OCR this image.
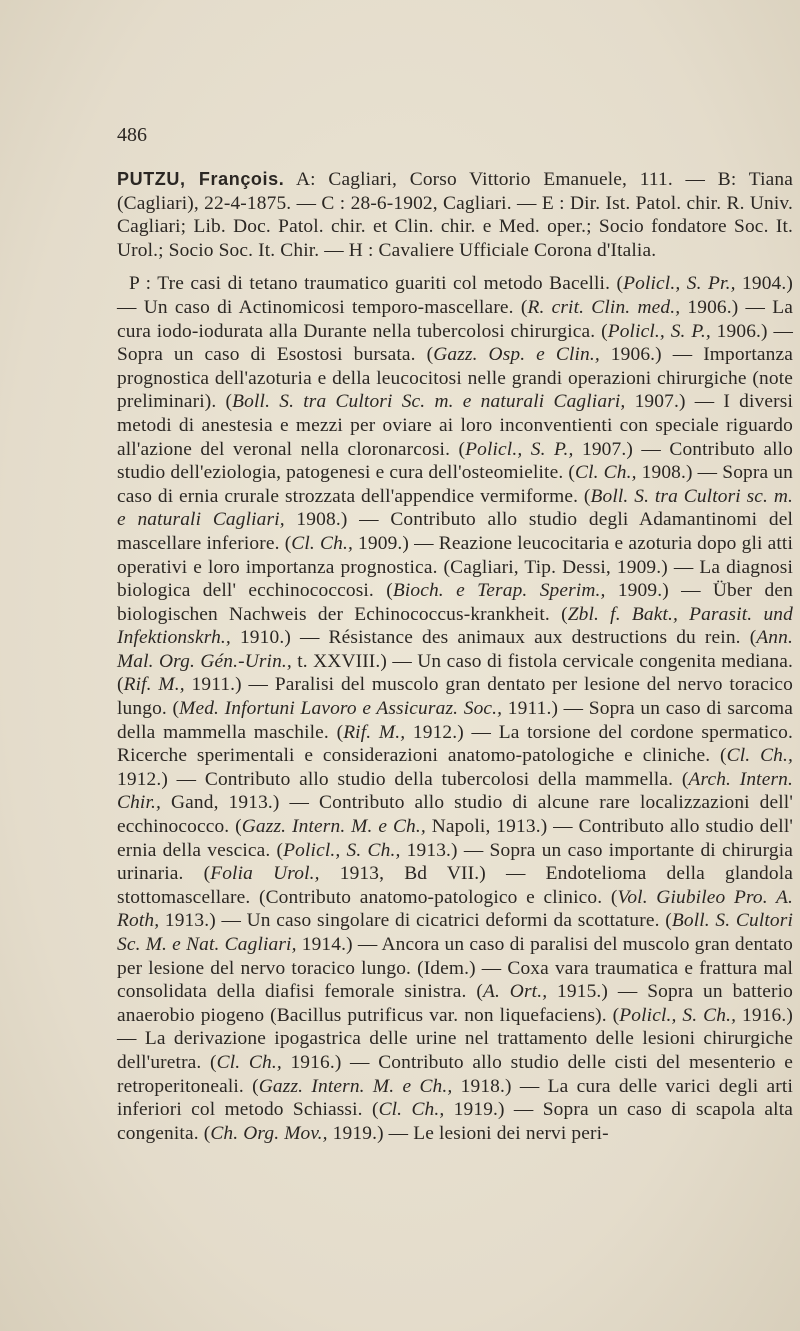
486

PUTZU, François. A: Cagliari, Corso Vittorio Emanuele, 111. — B: Tiana (Cagliari), 22-4-1875. — C : 28-6-1902, Cagliari. — E : Dir. Ist. Patol. chir. R. Univ. Cagliari; Lib. Doc. Patol. chir. et Clin. chir. e Med. oper.; Socio fondatore Soc. It. Urol.; Socio Soc. It. Chir. — H : Cavaliere Ufficiale Corona d'Italia.

P : Tre casi di tetano traumatico guariti col metodo Bacelli. (Policl., S. Pr., 1904.) — Un caso di Actinomicosi temporo-mascellare. (R. crit. Clin. med., 1906.) — La cura iodo-iodurata alla Durante nella tubercolosi chirurgica. (Policl., S. P., 1906.) — Sopra un caso di Esostosi bursata. (Gazz. Osp. e Clin., 1906.) — Importanza prognostica dell'azoturia e della leucocitosi nelle grandi operazioni chirurgiche (note preliminari). (Boll. S. tra Cultori Sc. m. e naturali Cagliari, 1907.) — I diversi metodi di anestesia e mezzi per oviare ai loro inconventienti con speciale riguardo all'azione del veronal nella cloronarcosi. (Policl., S. P., 1907.) — Contributo allo studio dell'eziologia, patogenesi e cura dell'osteomielite. (Cl. Ch., 1908.) — Sopra un caso di ernia crurale strozzata dell'appendice vermiforme. (Boll. S. tra Cultori sc. m. e naturali Cagliari, 1908.) — Contributo allo studio degli Adamantinomi del mascellare inferiore. (Cl. Ch., 1909.) — Reazione leucocitaria e azoturia dopo gli atti operativi e loro importanza prognostica. (Cagliari, Tip. Dessi, 1909.) — La diagnosi biologica dell' ecchinococcosi. (Bioch. e Terap. Sperim., 1909.) — Über den biologischen Nachweis der Echinococcus-krankheit. (Zbl. f. Bakt., Parasit. und Infektionskrh., 1910.) — Résistance des animaux aux destructions du rein. (Ann. Mal. Org. Gén.-Urin., t. XXVIII.) — Un caso di fistola cervicale congenita mediana. (Rif. M., 1911.) — Paralisi del muscolo gran dentato per lesione del nervo toracico lungo. (Med. Infortuni Lavoro e Assicuraz. Soc., 1911.) — Sopra un caso di sarcoma della mammella maschile. (Rif. M., 1912.) — La torsione del cordone spermatico. Ricerche sperimentali e considerazioni anatomo-patologiche e cliniche. (Cl. Ch., 1912.) — Contributo allo studio della tubercolosi della mammella. (Arch. Intern. Chir., Gand, 1913.) — Contributo allo studio di alcune rare localizzazioni dell' ecchinococco. (Gazz. Intern. M. e Ch., Napoli, 1913.) — Contributo allo studio dell' ernia della vescica. (Policl., S. Ch., 1913.) — Sopra un caso importante di chirurgia urinaria. (Folia Urol., 1913, Bd VII.) — Endotelioma della glandola stottomascellare. (Contributo anatomo-patologico e clinico. (Vol. Giubileo Pro. A. Roth, 1913.) — Un caso singolare di cicatrici deformi da scottature. (Boll. S. Cultori Sc. M. e Nat. Cagliari, 1914.) — Ancora un caso di paralisi del muscolo gran dentato per lesione del nervo toracico lungo. (Idem.) — Coxa vara traumatica e frattura mal consolidata della diafisi femorale sinistra. (A. Ort., 1915.) — Sopra un batterio anaerobio piogeno (Bacillus putrificus var. non liquefaciens). (Policl., S. Ch., 1916.) — La derivazione ipogastrica delle urine nel trattamento delle lesioni chirurgiche dell'uretra. (Cl. Ch., 1916.) — Contributo allo studio delle cisti del mesenterio e retroperitoneali. (Gazz. Intern. M. e Ch., 1918.) — La cura delle varici degli arti inferiori col metodo Schiassi. (Cl. Ch., 1919.) — Sopra un caso di scapola alta congenita. (Ch. Org. Mov., 1919.) — Le lesioni dei nervi peri-
